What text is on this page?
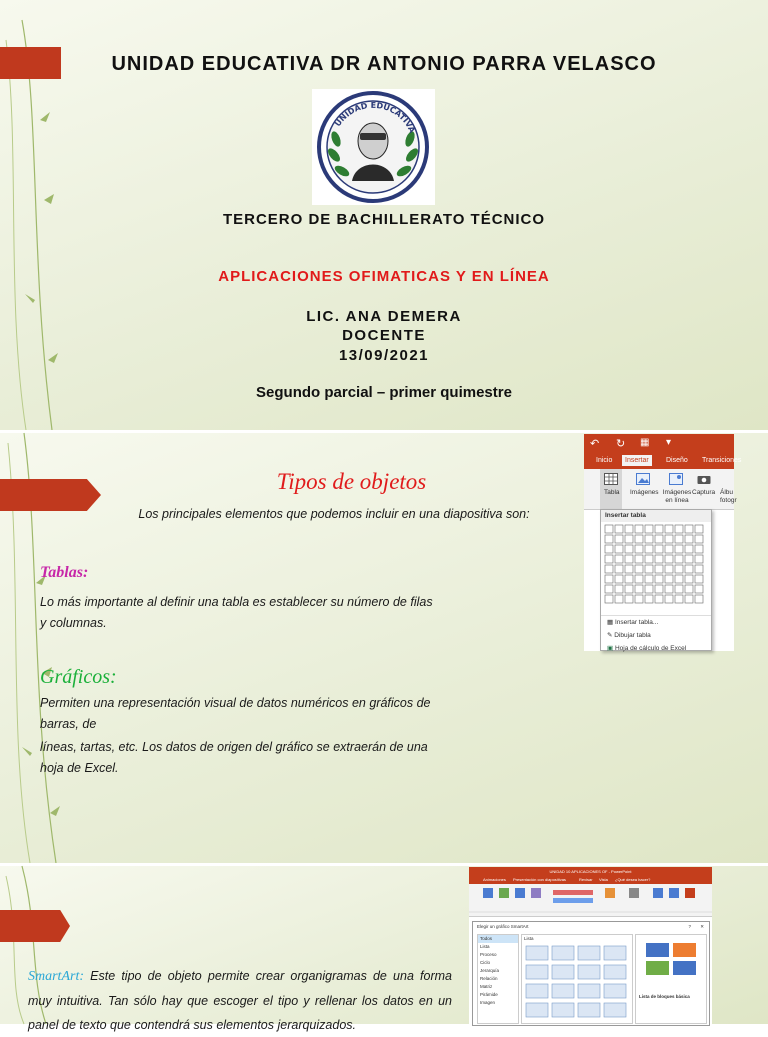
UNIDAD EDUCATIVA DR ANTONIO PARRA VELASCO
UNIDAD EDUCATIVA
TERCERO DE BACHILLERATO TÉCNICO
APLICACIONES OFIMATICAS Y EN LÍNEA
LIC. ANA DEMERA
DOCENTE
13/09/2021
Segundo parcial – primer quimestre
Tipos de objetos
Los principales elementos que podemos incluir en una diapositiva son:
Tablas:
Lo más importante al definir una tabla es establecer su número de filas y columnas.
Gráficos:
Permiten una representación visual de datos numéricos en gráficos de barras, de
líneas, tartas, etc. Los datos de origen del gráfico se extraerán de una hoja de Excel.
↶ ↻ ▦ ▾
Inicio	Insertar	Diseño Transiciones
Tabla Imágenes Imágenes en línea
Captura Álbu fotogr
Insertar tabla
▦ Insertar tabla...
✎ Dibujar tabla
▣ Hoja de cálculo de Excel
SmartArt: Este tipo de objeto permite crear organigramas de una forma muy intuitiva. Tan sólo hay que escoger el tipo y rellenar los datos en un panel de texto que contendrá sus elementos jerarquizados.
UNIDAD 10 APLICACIONES OF - PowerPoint
Animaciones Presentación con diapositivas	Revisar Vista ¿Qué desea hacer?
Elegir un gráfico SmartArt	? ✕
Todos
Lista
Proceso
Ciclo
Jerarquía
Relación
Matriz
Pirámide
Imagen
Lista
Lista de bloques básica
